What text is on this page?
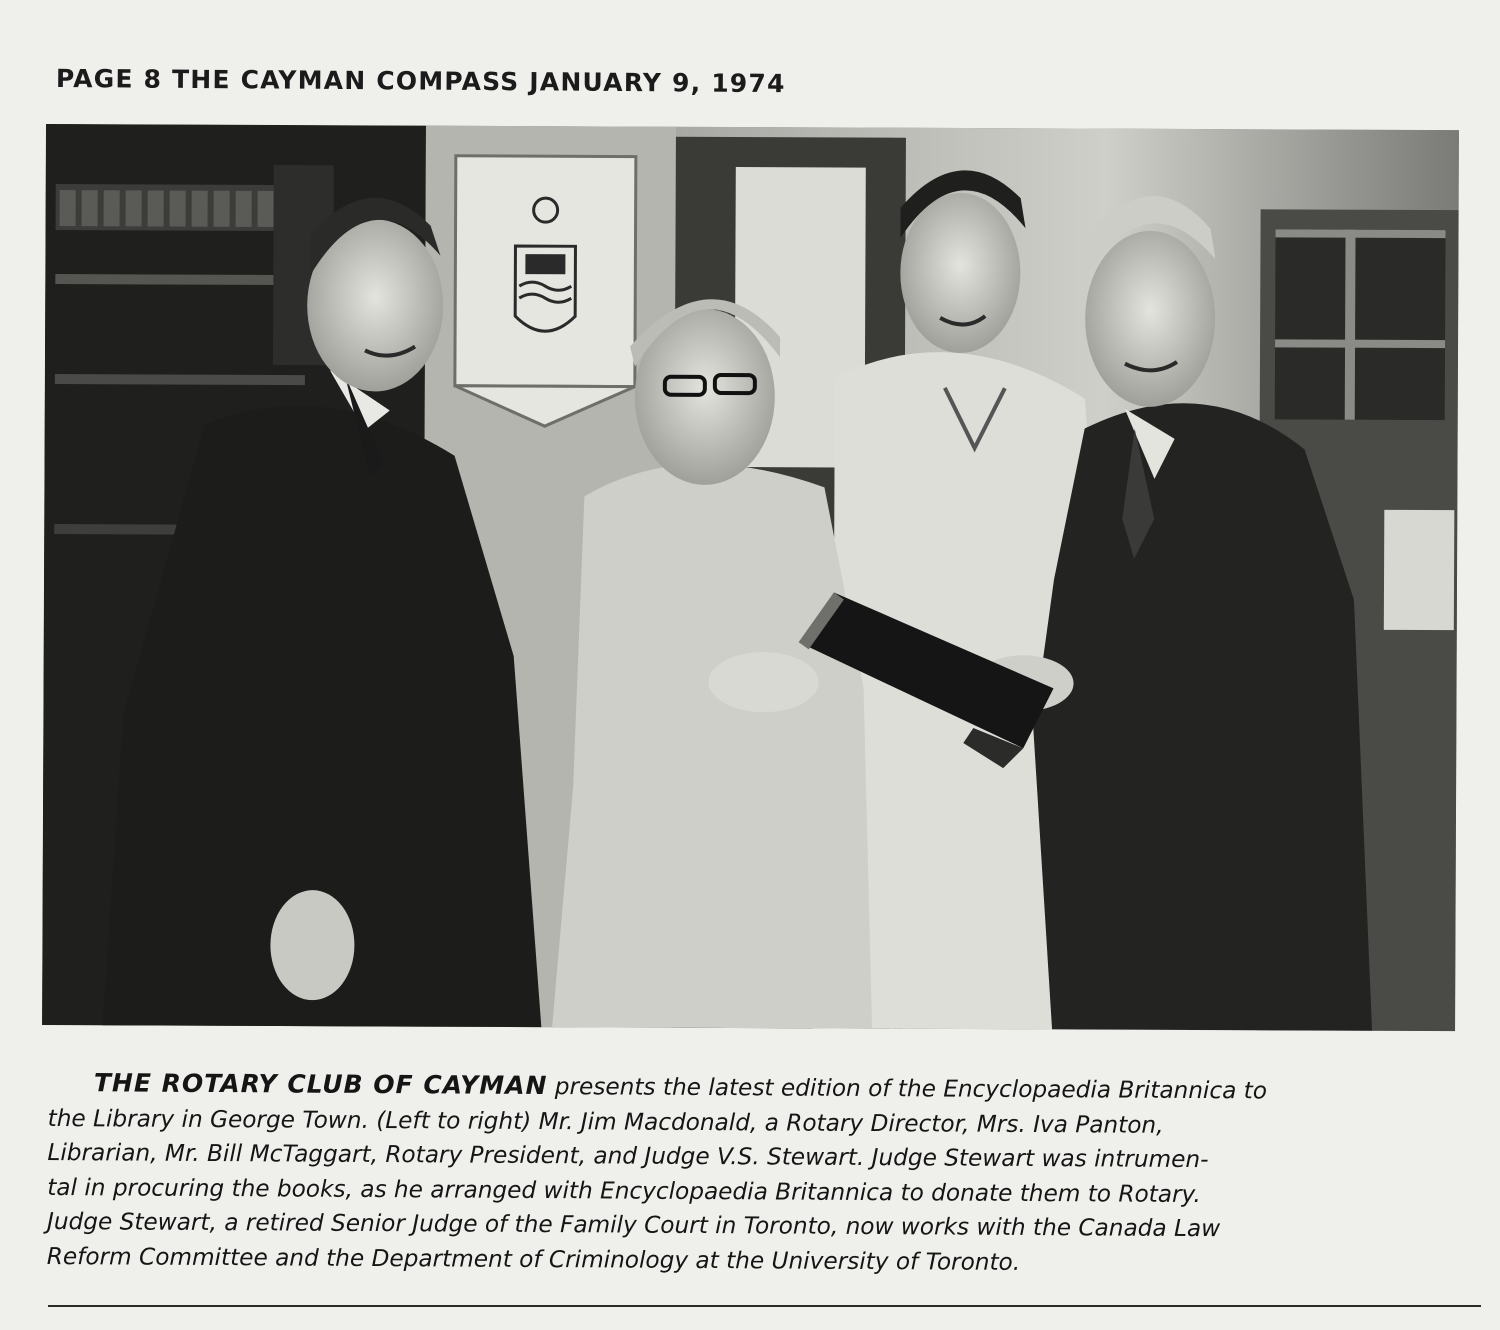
PAGE 8 THE CAYMAN COMPASS JANUARY 9, 1974
THE ROTARY CLUB OF CAYMAN presents the latest edition of the Encyclopaedia Britannica to
the Library in George Town. (Left to right) Mr. Jim Macdonald, a Rotary Director, Mrs. Iva Panton,
Librarian, Mr. Bill McTaggart, Rotary President, and Judge V.S. Stewart. Judge Stewart was intrumen-
tal in procuring the books, as he arranged with Encyclopaedia Britannica to donate them to Rotary.
Judge Stewart, a retired Senior Judge of the Family Court in Toronto, now works with the Canada Law
Reform Committee and the Department of Criminology at the University of Toronto.
